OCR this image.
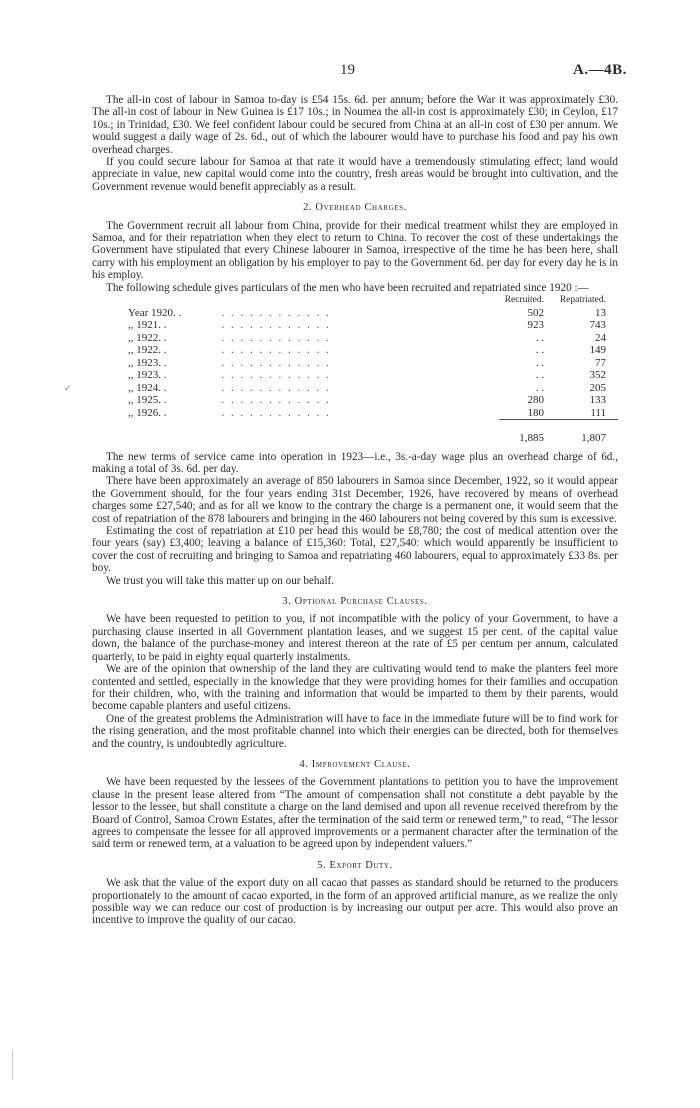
19	A.—4B.
✓

The all-in cost of labour in Samoa to-day is £54 15s. 6d. per annum; before the War it was approximately £30. The all-in cost of labour in New Guinea is £17 10s.; in Noumea the all-in cost is approximately £30; in Ceylon, £17 10s.; in Trinidad, £30. We feel confident labour could be secured from China at an all-in cost of £30 per annum. We would suggest a daily wage of 2s. 6d., out of which the labourer would have to purchase his food and pay his own overhead charges.

If you could secure labour for Samoa at that rate it would have a tremendously stimulating effect; land would appreciate in value, new capital would come into the country, fresh areas would be brought into cultivation, and the Government revenue would benefit appreciably as a result.

2. Overhead Charges.

The Government recruit all labour from China, provide for their medical treatment whilst they are employed in Samoa, and for their repatriation when they elect to return to China. To recover the cost of these undertakings the Government have stipulated that every Chinese labourer in Samoa, irrespective of the time he has been here, shall carry with his employment an obligation by his employer to pay to the Government 6d. per day for every day he is in his employ.

The following schedule gives particulars of the men who have been recruited and repatriated since 1920 :—

		Recruited.	Repatriated.
Year 1920. .	. . . . . . . . . . . .	502	13
,, 1921. .	. . . . . . . . . . . .	923	743
,, 1922. .	. . . . . . . . . . . .	. .	24
,, 1922. .	. . . . . . . . . . . .	. .	149
,, 1923. .	. . . . . . . . . . . .	. .	77
,, 1923. .	. . . . . . . . . . . .	. .	352
,, 1924. .	. . . . . . . . . . . .	. .	205
,, 1925. .	. . . . . . . . . . . .	280	133
,, 1926. .	. . . . . . . . . . . .	180	111

		1,885	1,807

The new terms of service came into operation in 1923—i.e., 3s.-a-day wage plus an overhead charge of 6d., making a total of 3s. 6d. per day.

There have been approximately an average of 850 labourers in Samoa since December, 1922, so it would appear the Government should, for the four years ending 31st December, 1926, have recovered by means of overhead charges some £27,540; and as for all we know to the contrary the charge is a permanent one, it would seem that the cost of repatriation of the 878 labourers and bringing in the 460 labourers not being covered by this sum is excessive.

Estimating the cost of repatriation at £10 per head this would be £8,780; the cost of medical attention over the four years (say) £3,400; leaving a balance of £15,360: Total, £27,540: which would apparently be insufficient to cover the cost of recruiting and bringing to Samoa and repatriating 460 labourers, equal to approximately £33 8s. per boy.

We trust you will take this matter up on our behalf.

3. Optional Purchase Clauses.

We have been requested to petition to you, if not incompatible with the policy of your Government, to have a purchasing clause inserted in all Government plantation leases, and we suggest 15 per cent. of the capital value down, the balance of the purchase-money and interest thereon at the rate of £5 per centum per annum, calculated quarterly, to be paid in eighty equal quarterly instalments.

We are of the opinion that ownership of the land they are cultivating would tend to make the planters feel more contented and settled, especially in the knowledge that they were providing homes for their families and occupation for their children, who, with the training and information that would be imparted to them by their parents, would become capable planters and useful citizens.

One of the greatest problems the Administration will have to face in the immediate future will be to find work for the rising generation, and the most profitable channel into which their energies can be directed, both for themselves and the country, is undoubtedly agriculture.

4. Improvement Clause.

We have been requested by the lessees of the Government plantations to petition you to have the improvement clause in the present lease altered from “The amount of compensation shall not constitute a debt payable by the lessor to the lessee, but shall constitute a charge on the land demised and upon all revenue received therefrom by the Board of Control, Samoa Crown Estates, after the termination of the said term or renewed term,” to read, “The lessor agrees to compensate the lessee for all approved improvements or a permanent character after the termination of the said term or renewed term, at a valuation to be agreed upon by independent valuers.”

5. Export Duty.

We ask that the value of the export duty on all cacao that passes as standard should be returned to the producers proportionately to the amount of cacao exported, in the form of an approved artificial manure, as we realize the only possible way we can reduce our cost of production is by increasing our output per acre. This would also prove an incentive to improve the quality of our cacao.
